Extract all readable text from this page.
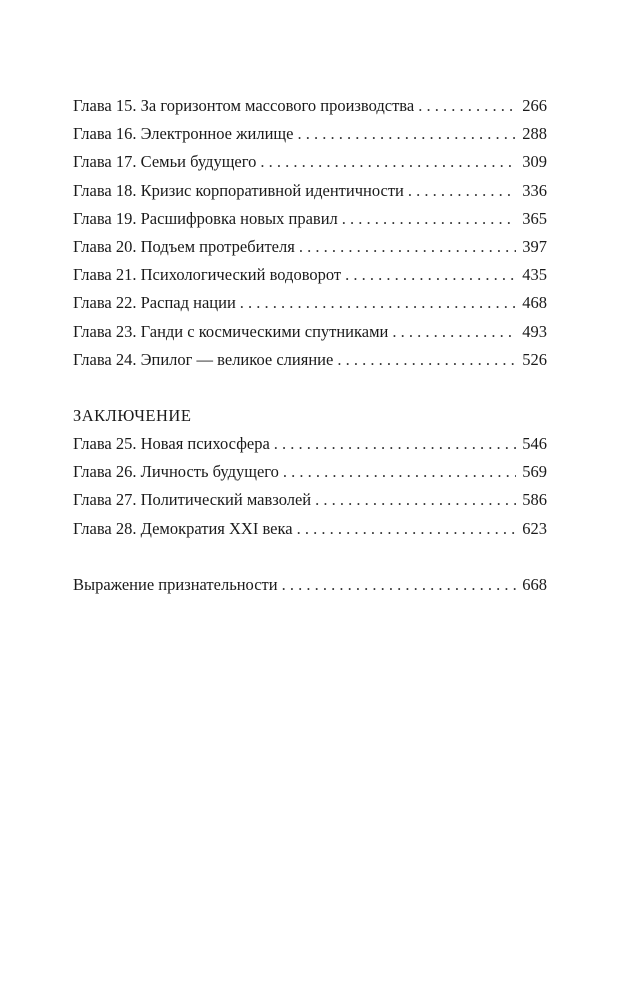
Глава 15. За горизонтом массового производства . . .	266
Глава 16. Электронное жилище . . .	288
Глава 17. Семьи будущего . . .	309
Глава 18. Кризис корпоративной идентичности . . .	336
Глава 19. Расшифровка новых правил . . .	365
Глава 20. Подъем протребителя . . .	397
Глава 21. Психологический водоворот . . .	435
Глава 22. Распад нации . . .	468
Глава 23. Ганди с космическими спутниками . . .	493
Глава 24. Эпилог — великое слияние . . .	526
ЗАКЛЮЧЕНИЕ
Глава 25. Новая психосфера . . .	546
Глава 26. Личность будущего . . .	569
Глава 27. Политический мавзолей . . .	586
Глава 28. Демократия XXI века . . .	623
Выражение признательности . . .	668
